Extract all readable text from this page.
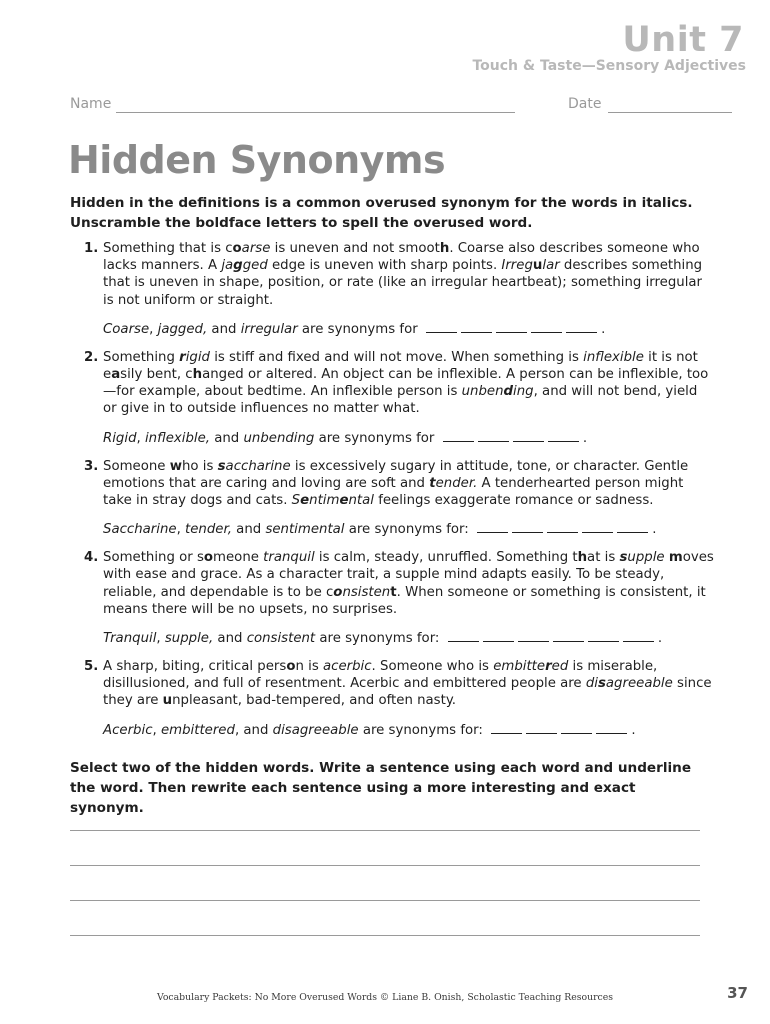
Unit 7
Touch & Taste—Sensory Adjectives
Name	Date
Hidden Synonyms

Hidden in the definitions is a common overused synonym for the words in italics. Unscramble the boldface letters to spell the overused word.

1. Something that is coarse is uneven and not smooth. Coarse also describes someone who lacks manners. A jagged edge is uneven with sharp points. Irregular describes something that is uneven in shape, position, or rate (like an irregular heartbeat); something irregular is not uniform or straight.

Coarse, jagged, and irregular are synonyms for	.

2. Something rigid is stiff and fixed and will not move. When something is inflexible it is not easily bent, changed or altered. An object can be inflexible. A person can be inflexible, too—for example, about bedtime. An inflexible person is unbending, and will not bend, yield or give in to outside influences no matter what.

Rigid, inflexible, and unbending are synonyms for	.

3. Someone who is saccharine is excessively sugary in attitude, tone, or character. Gentle emotions that are caring and loving are soft and tender. A tenderhearted person might take in stray dogs and cats. Sentimental feelings exaggerate romance or sadness.

Saccharine, tender, and sentimental are synonyms for:	.

4. Something or someone tranquil is calm, steady, unruffled. Something that is supple moves with ease and grace. As a character trait, a supple mind adapts easily. To be steady, reliable, and dependable is to be consistent. When someone or something is consistent, it means there will be no upsets, no surprises.

Tranquil, supple, and consistent are synonyms for:	.

5. A sharp, biting, critical person is acerbic. Someone who is embittered is miserable, disillusioned, and full of resentment. Acerbic and embittered people are disagreeable since they are unpleasant, bad-tempered, and often nasty.

Acerbic, embittered, and disagreeable are synonyms for:	.

Select two of the hidden words. Write a sentence using each word and underline the word. Then rewrite each sentence using a more interesting and exact synonym.

Vocabulary Packets: No More Overused Words © Liane B. Onish, Scholastic Teaching Resources	37
